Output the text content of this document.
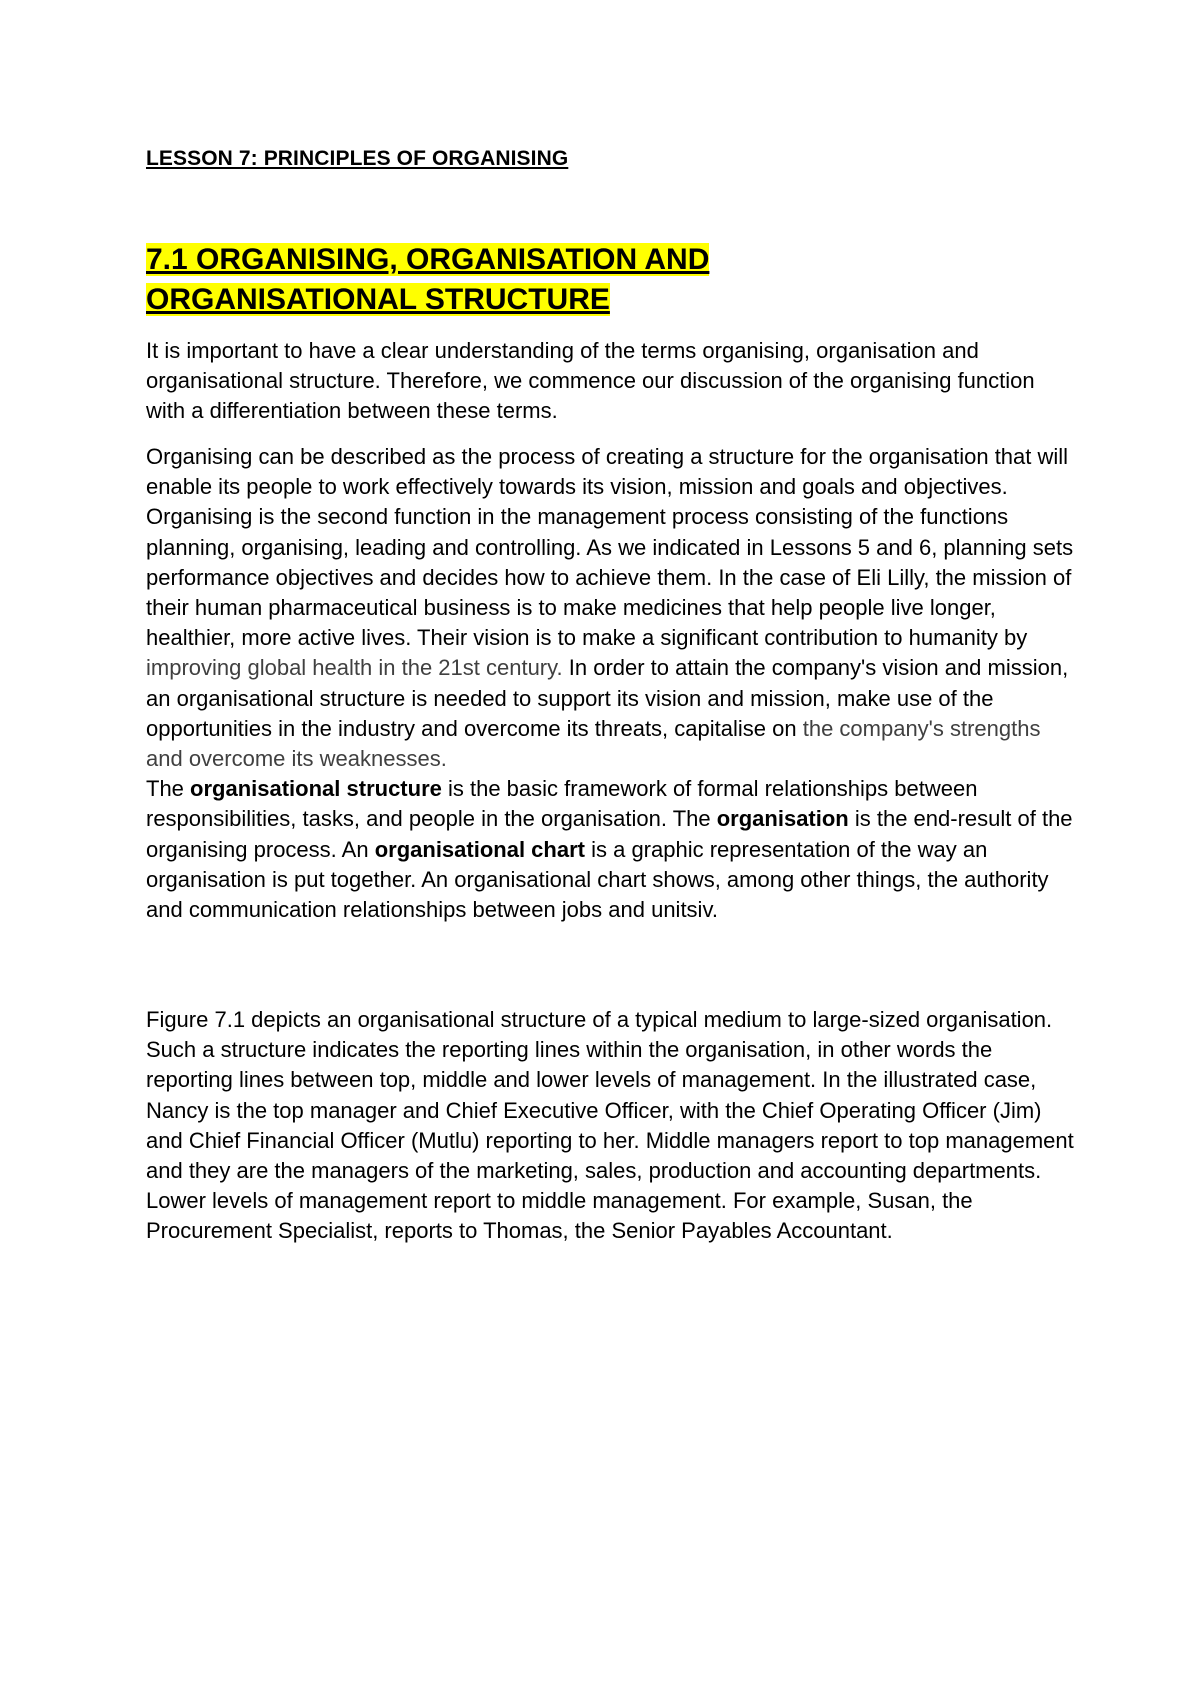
LESSON 7: PRINCIPLES OF ORGANISING
7.1 ORGANISING, ORGANISATION AND
ORGANISATIONAL STRUCTURE

It is important to have a clear understanding of the terms organising, organisation and organisational structure. Therefore, we commence our discussion of the organising function with a differentiation between these terms.

Organising can be described as the process of creating a structure for the organisation that will enable its people to work effectively towards its vision, mission and goals and objectives. Organising is the second function in the management process consisting of the functions planning, organising, leading and controlling. As we indicated in Lessons 5 and 6, planning sets performance objectives and decides how to achieve them. In the case of Eli Lilly, the mission of their human pharmaceutical business is to make medicines that help people live longer, healthier, more active lives. Their vision is to make a significant contribution to humanity by improving global health in the 21st century. In order to attain the company's vision and mission, an organisational structure is needed to support its vision and mission, make use of the opportunities in the industry and overcome its threats, capitalise on the company's strengths and overcome its weaknesses.
The organisational structure is the basic framework of formal relationships between responsibilities, tasks, and people in the organisation. The organisation is the end-result of the organising process. An organisational chart is a graphic representation of the way an organisation is put together. An organisational chart shows, among other things, the authority and communication relationships between jobs and unitsiv.

Figure 7.1 depicts an organisational structure of a typical medium to large-sized organisation. Such a structure indicates the reporting lines within the organisation, in other words the reporting lines between top, middle and lower levels of management. In the illustrated case, Nancy is the top manager and Chief Executive Officer, with the Chief Operating Officer (Jim) and Chief Financial Officer (Mutlu) reporting to her. Middle managers report to top management and they are the managers of the marketing, sales, production and accounting departments. Lower levels of management report to middle management. For example, Susan, the Procurement Specialist, reports to Thomas, the Senior Payables Accountant.
